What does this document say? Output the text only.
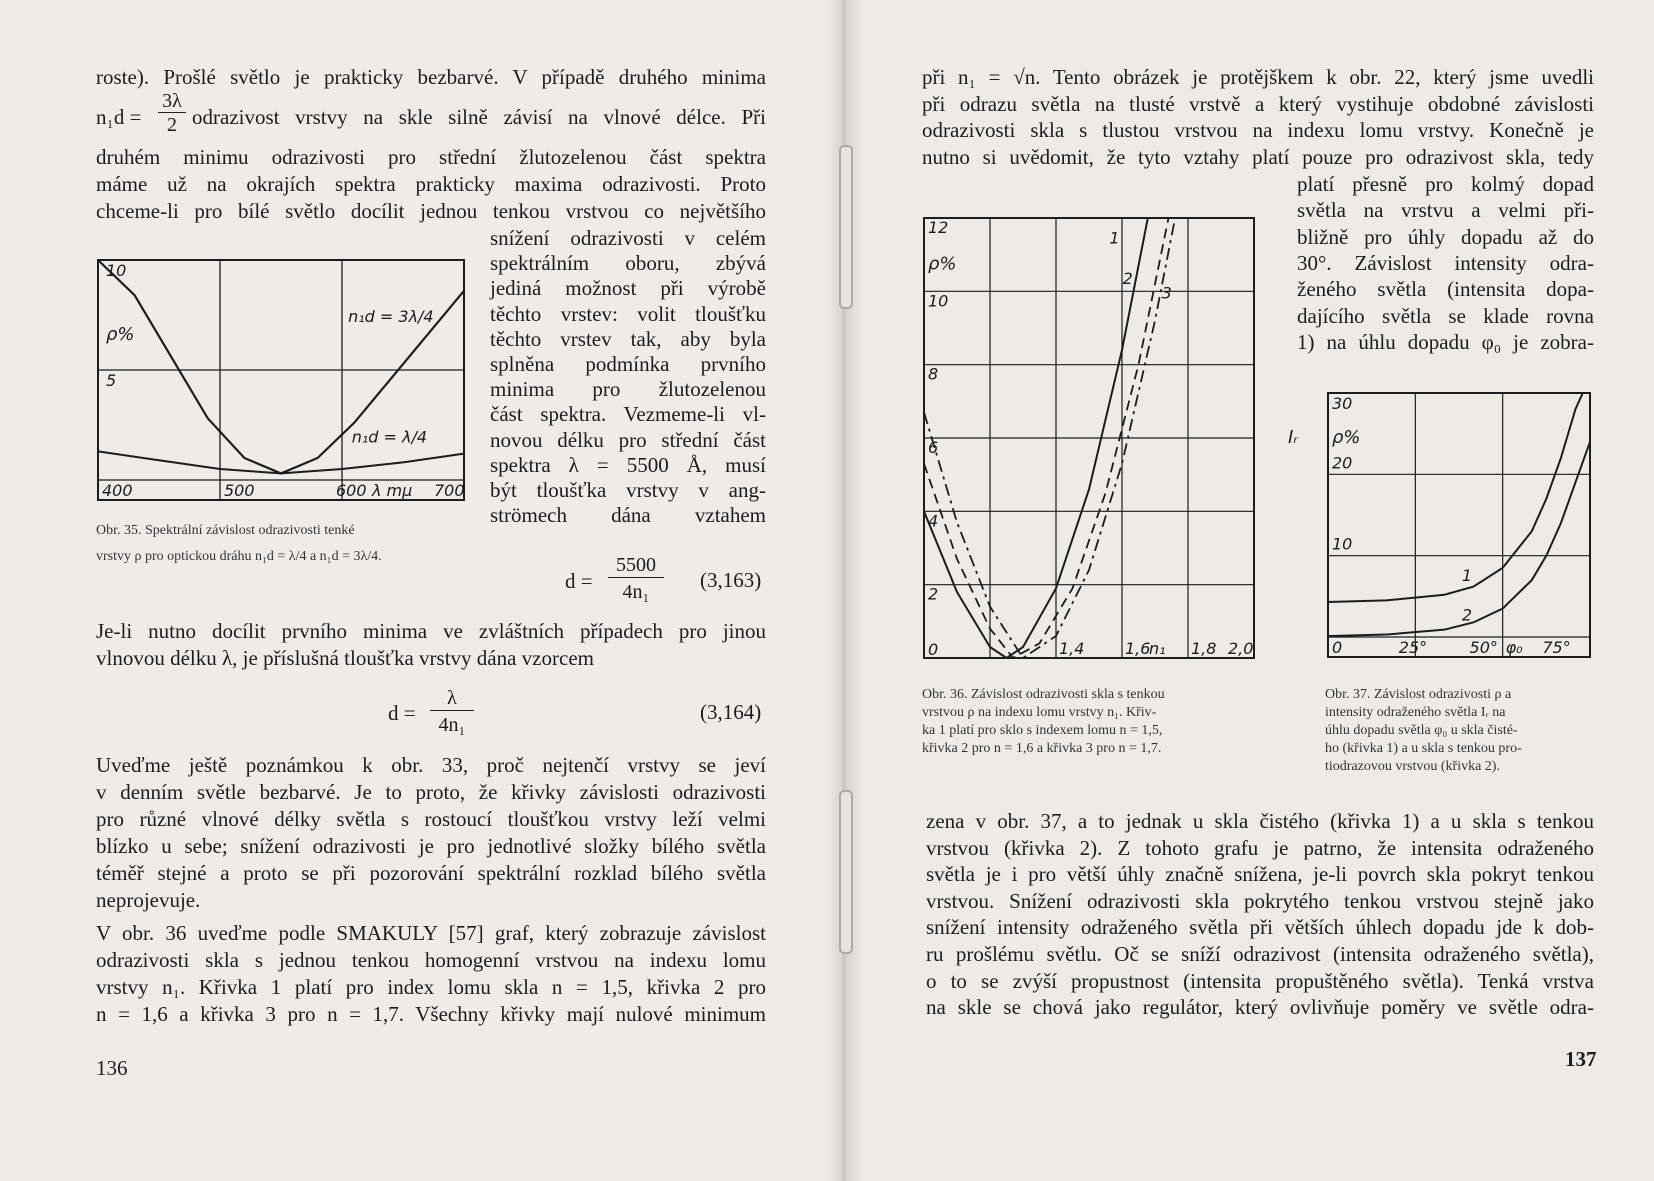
roste). Prošlé světlo je prakticky bezbarvé. V případě druhého minima
n₁d =
3λ
2 odrazivost vrstvy na skle silně závisí na vlnové délce. Při
druhém minimu odrazivosti pro střední žlutozelenou část spektra
máme už na okrajích spektra prakticky maxima odrazivosti. Proto
chceme-li pro bílé světlo docílit jednou tenkou vrstvou co největšího
snížení odrazivosti v celém
spektrálním oboru, zbývá
jediná možnost při výrobě
těchto vrstev: volit tloušťku
těchto vrstev tak, aby byla
splněna podmínka prvního
minima pro žlutozelenou
část spektra. Vezmeme-li vl-
novou délku pro střední část
spektra λ = 5500 Å, musí
být tloušťka vrstvy v ang-
strömech dána vztahem
10
5
ρ%
400	500	600 λ mμ 700
n₁d = 3λ/4
n₁d = λ/4
Obr. 35. Spektrální závislost odrazivosti tenké
vrstvy ρ pro optickou dráhu n₁d = λ/4 a n₁d = 3λ/4.
d =
5500
4n₁	(3,163)
Je-li nutno docílit prvního minima ve zvláštních případech pro jinou
vlnovou délku λ, je příslušná tloušťka vrstvy dána vzorcem
d =
λ
4n₁
(3,164)
Uveďme ještě poznámkou k obr. 33, proč nejtenčí vrstvy se jeví
v denním světle bezbarvé. Je to proto, že křivky závislosti odrazivosti
pro různé vlnové délky světla s rostoucí tloušťkou vrstvy leží velmi
blízko u sebe; snížení odrazivosti je pro jednotlivé složky bílého světla
téměř stejné a proto se při pozorování spektrální rozklad bílého světla
neprojevuje.
V obr. 36 uveďme podle SMAKULY [57] graf, který zobrazuje závislost
odrazivosti skla s jednou tenkou homogenní vrstvou na indexu lomu
vrstvy n₁. Křivka 1 platí pro index lomu skla n = 1,5, křivka 2 pro
n = 1,6 a křivka 3 pro n = 1,7. Všechny křivky mají nulové minimum
136
při n₁ = √n. Tento obrázek je protějškem k obr. 22, který jsme uvedli
při odrazu světla na tlusté vrstvě a který vystihuje obdobné závislosti
odrazivosti skla s tlustou vrstvou na indexu lomu vrstvy. Konečně je
nutno si uvědomit, že tyto vztahy platí pouze pro odrazivost skla, tedy
platí přesně pro kolmý dopad
světla na vrstvu a velmi při-
bližně pro úhly dopadu až do
30°. Závislost intensity odra-
ženého světla (intensita dopa-
dajícího světla se klade rovna
1) na úhlu dopadu φ₀ je zobra-
0
2
4
6
8
10
12
ρ%
1,4	1,6
n₁ 1,8 2,0
1
2
3
Obr. 36. Závislost odrazivosti skla s tenkou
vrstvou ρ na indexu lomu vrstvy n₁. Křiv-
ka 1 platí pro sklo s indexem lomu n = 1,5,
křivka 2 pro n = 1,6 a křivka 3 pro n = 1,7.
10
20
30
ρ%
Iᵣ
0	25°	50° φ₀ 75°
1
2
Obr. 37. Závislost odrazivosti ρ a
intensity odraženého světla Iᵣ na
úhlu dopadu světla φ₀ u skla čisté-
ho (křivka 1) a u skla s tenkou pro-
tiodrazovou vrstvou (křivka 2).
zena v obr. 37, a to jednak u skla čistého (křivka 1) a u skla s tenkou
vrstvou (křivka 2). Z tohoto grafu je patrno, že intensita odraženého
světla je i pro větší úhly značně snížena, je-li povrch skla pokryt tenkou
vrstvou. Snížení odrazivosti skla pokrytého tenkou vrstvou stejně jako
snížení intensity odraženého světla při větších úhlech dopadu jde k dob-
ru prošlému světlu. Oč se sníží odrazivost (intensita odraženého světla),
o to se zvýší propustnost (intensita propuštěného světla). Tenká vrstva
na skle se chová jako regulátor, který ovlivňuje poměry ve světle odra-
137
